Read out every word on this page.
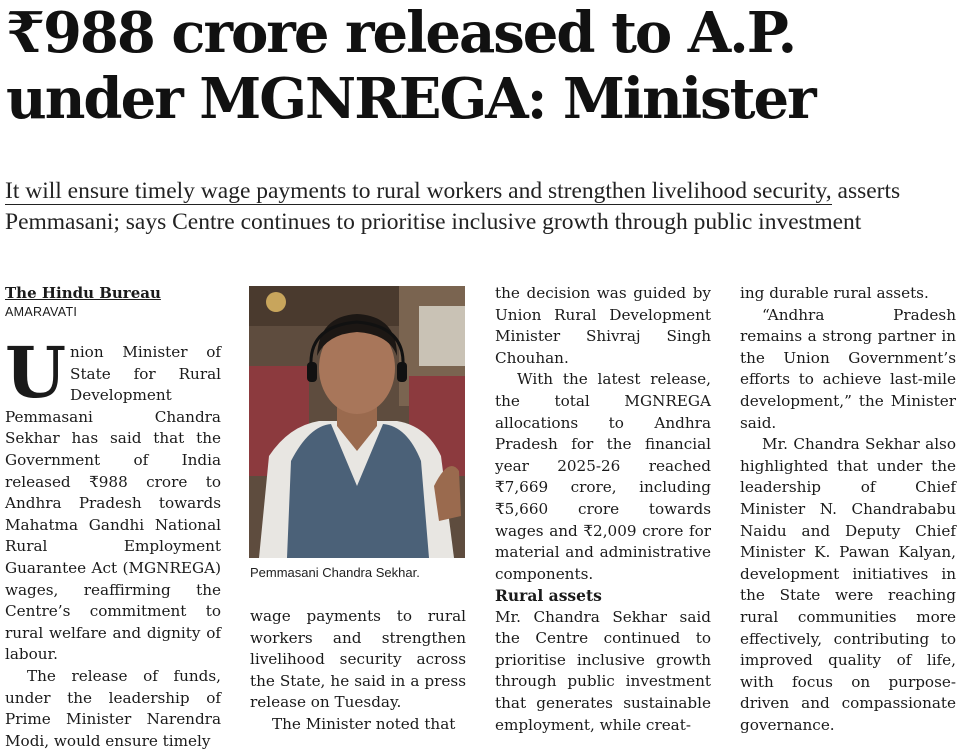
₹988 crore released to A.P.
under MGNREGA: Minister

It will ensure timely wage payments to rural workers and strengthen livelihood security, asserts Pemmasani; says Centre continues to prioritise inclusive growth through public investment

The Hindu Bureau
AMARAVATI

Union Minister of State for Rural Development Pemmasani Chandra Sekhar has said that the Government of India released ₹988 crore to Andhra Pradesh towards Mahatma Gandhi National Rural Employment Guarantee Act (MGNREGA) wages, reaffirming the Centre’s commitment to rural welfare and dignity of labour.

The release of funds, under the leadership of Prime Minister Narendra Modi, would ensure timely

Pemmasani Chandra Sekhar.

wage payments to rural workers and strengthen livelihood security across the State, he said in a press release on Tuesday.

The Minister noted that

the decision was guided by Union Rural Development Minister Shivraj Singh Chouhan.

With the latest release, the total MGNREGA allocations to Andhra Pradesh for the financial year 2025-26 reached ₹7,669 crore, including ₹5,660 crore towards wages and ₹2,009 crore for material and administrative components.

Rural assets

Mr. Chandra Sekhar said the Centre continued to prioritise inclusive growth through public investment that generates sustainable employment, while creat-

ing durable rural assets.

“Andhra Pradesh remains a strong partner in the Union Government’s efforts to achieve last-mile development,” the Minister said.

Mr. Chandra Sekhar also highlighted that under the leadership of Chief Minister N. Chandrababu Naidu and Deputy Chief Minister K. Pawan Kalyan, development initiatives in the State were reaching rural communities more effectively, contributing to improved quality of life, with focus on purpose-driven and compassionate governance.
